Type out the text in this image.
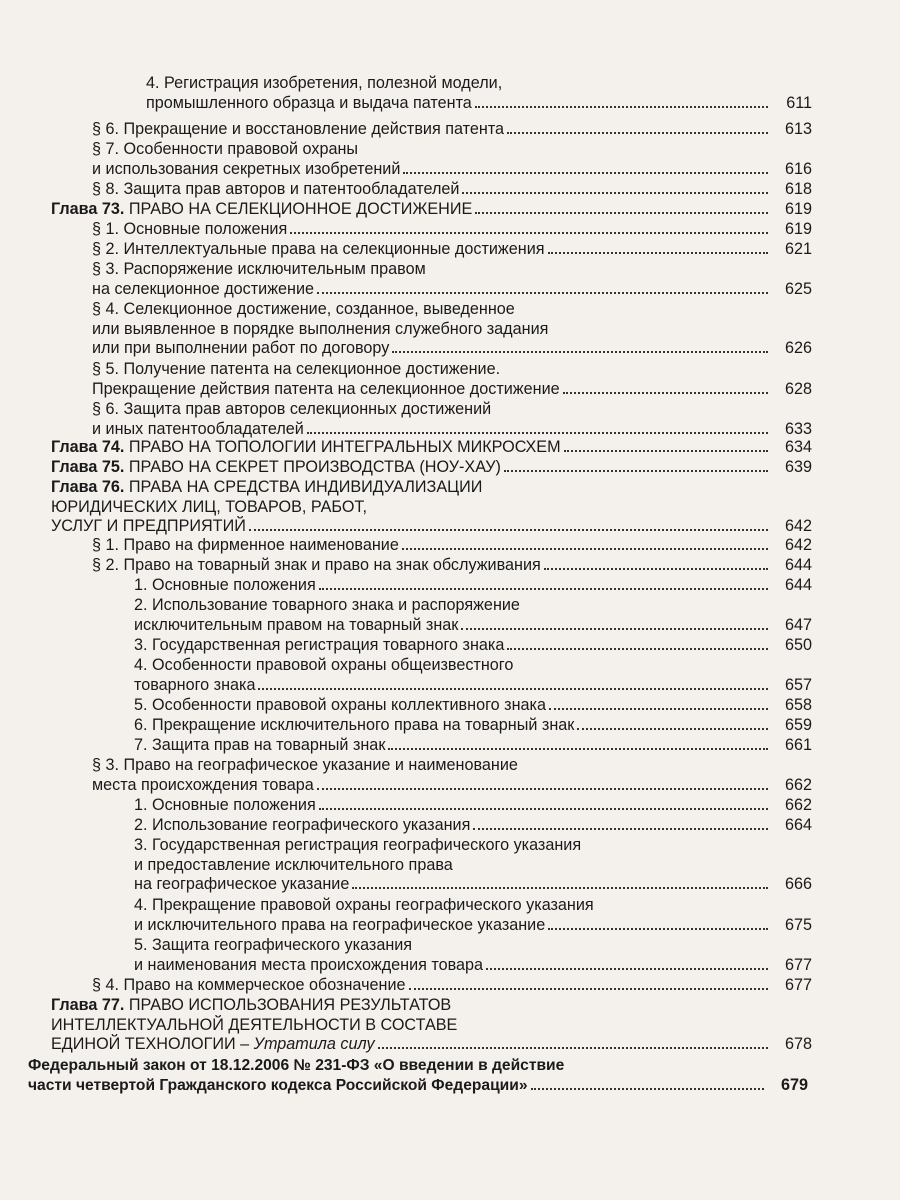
4. Регистрация изобретения, полезной модели,
промышленного образца и выдача патента	611
§ 6. Прекращение и восстановление действия патента	613
§ 7. Особенности правовой охраны
и использования секретных изобретений	616
§ 8. Защита прав авторов и патентообладателей	618
Глава 73. ПРАВО НА СЕЛЕКЦИОННОЕ ДОСТИЖЕНИЕ	619
§ 1. Основные положения	619
§ 2. Интеллектуальные права на селекционные достижения	621
§ 3. Распоряжение исключительным правом
на селекционное достижение	625
§ 4. Селекционное достижение, созданное, выведенное
или выявленное в порядке выполнения служебного задания
или при выполнении работ по договору	626
§ 5. Получение патента на селекционное достижение.
Прекращение действия патента на селекционное достижение	628
§ 6. Защита прав авторов селекционных достижений
и иных патентообладателей	633
Глава 74. ПРАВО НА ТОПОЛОГИИ ИНТЕГРАЛЬНЫХ МИКРОСХЕМ	634
Глава 75. ПРАВО НА СЕКРЕТ ПРОИЗВОДСТВА (НОУ-ХАУ)	639
Глава 76. ПРАВА НА СРЕДСТВА ИНДИВИДУАЛИЗАЦИИ
ЮРИДИЧЕСКИХ ЛИЦ, ТОВАРОВ, РАБОТ,
УСЛУГ И ПРЕДПРИЯТИЙ	642
§ 1. Право на фирменное наименование	642
§ 2. Право на товарный знак и право на знак обслуживания	644
1. Основные положения	644
2. Использование товарного знака и распоряжение
исключительным правом на товарный знак	647
3. Государственная регистрация товарного знака	650
4. Особенности правовой охраны общеизвестного
товарного знака	657
5. Особенности правовой охраны коллективного знака	658
6. Прекращение исключительного права на товарный знак	659
7. Защита прав на товарный знак	661
§ 3. Право на географическое указание и наименование
места происхождения товара	662
1. Основные положения	662
2. Использование географического указания	664
3. Государственная регистрация географического указания
и предоставление исключительного права
на географическое указание	666
4. Прекращение правовой охраны географического указания
и исключительного права на географическое указание	675
5. Защита географического указания
и наименования места происхождения товара	677
§ 4. Право на коммерческое обозначение	677
Глава 77. ПРАВО ИСПОЛЬЗОВАНИЯ РЕЗУЛЬТАТОВ
ИНТЕЛЛЕКТУАЛЬНОЙ ДЕЯТЕЛЬНОСТИ В СОСТАВЕ
ЕДИНОЙ ТЕХНОЛОГИИ – Утратила силу	678
Федеральный закон от 18.12.2006 № 231-ФЗ «О введении в действие
части четвертой Гражданского кодекса Российской Федерации»	679
